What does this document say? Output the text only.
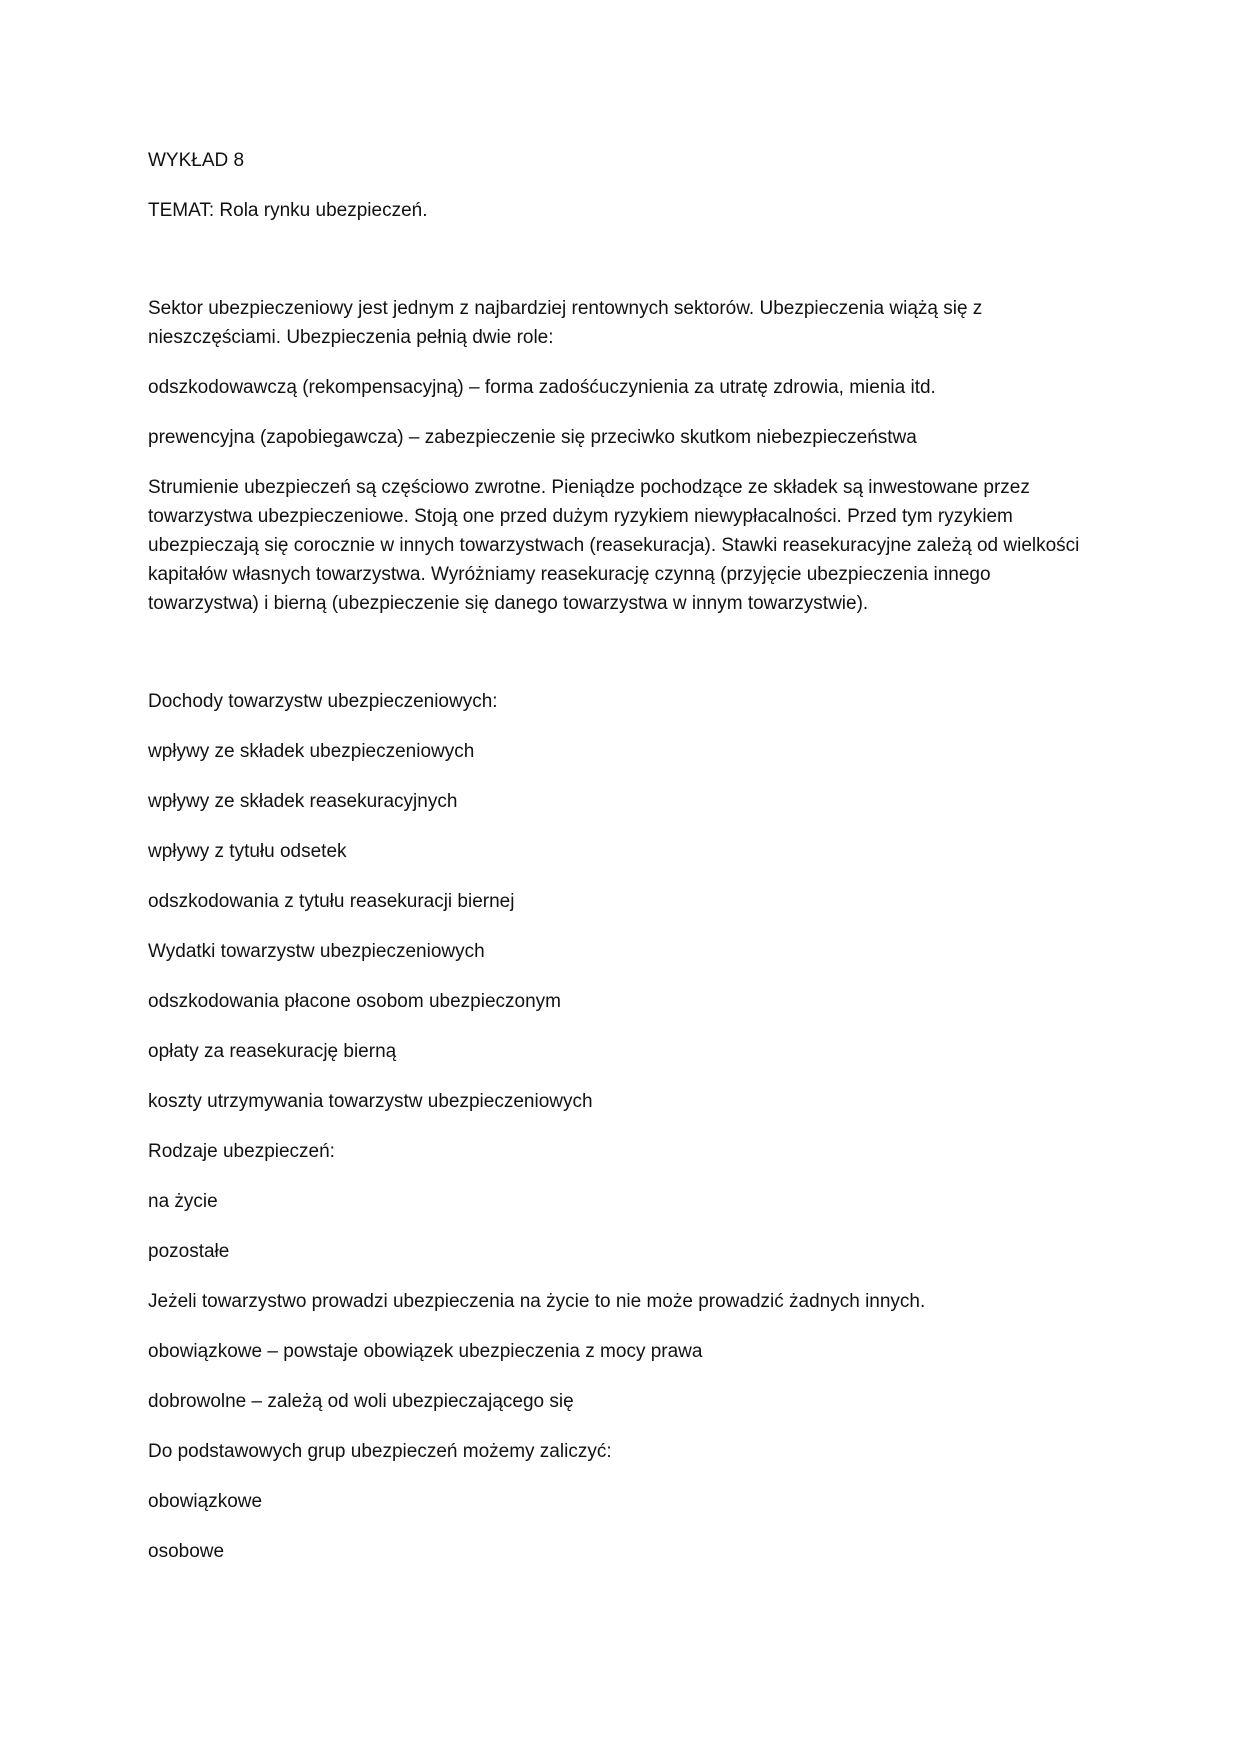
WYKŁAD 8

TEMAT: Rola rynku ubezpieczeń.

Sektor ubezpieczeniowy jest jednym z najbardziej rentownych sektorów. Ubezpieczenia wiążą się z nieszczęściami. Ubezpieczenia pełnią dwie role:

odszkodowawczą (rekompensacyjną) – forma zadośćuczynienia za utratę zdrowia, mienia itd.

prewencyjna (zapobiegawcza) – zabezpieczenie się przeciwko skutkom niebezpieczeństwa

Strumienie ubezpieczeń są częściowo zwrotne. Pieniądze pochodzące ze składek są inwestowane przez towarzystwa ubezpieczeniowe. Stoją one przed dużym ryzykiem niewypłacalności. Przed tym ryzykiem ubezpieczają się corocznie w innych towarzystwach (reasekuracja). Stawki reasekuracyjne zależą od wielkości kapitałów własnych towarzystwa. Wyróżniamy reasekurację czynną (przyjęcie ubezpieczenia innego towarzystwa) i bierną (ubezpieczenie się danego towarzystwa w innym towarzystwie).

Dochody towarzystw ubezpieczeniowych:

wpływy ze składek ubezpieczeniowych

wpływy ze składek reasekuracyjnych

wpływy z tytułu odsetek

odszkodowania z tytułu reasekuracji biernej

Wydatki towarzystw ubezpieczeniowych

odszkodowania płacone osobom ubezpieczonym

opłaty za reasekurację bierną

koszty utrzymywania towarzystw ubezpieczeniowych

Rodzaje ubezpieczeń:

na życie

pozostałe

Jeżeli towarzystwo prowadzi ubezpieczenia na życie to nie może prowadzić żadnych innych.

obowiązkowe – powstaje obowiązek ubezpieczenia z mocy prawa

dobrowolne – zależą od woli ubezpieczającego się

Do podstawowych grup ubezpieczeń możemy zaliczyć:

obowiązkowe

osobowe
